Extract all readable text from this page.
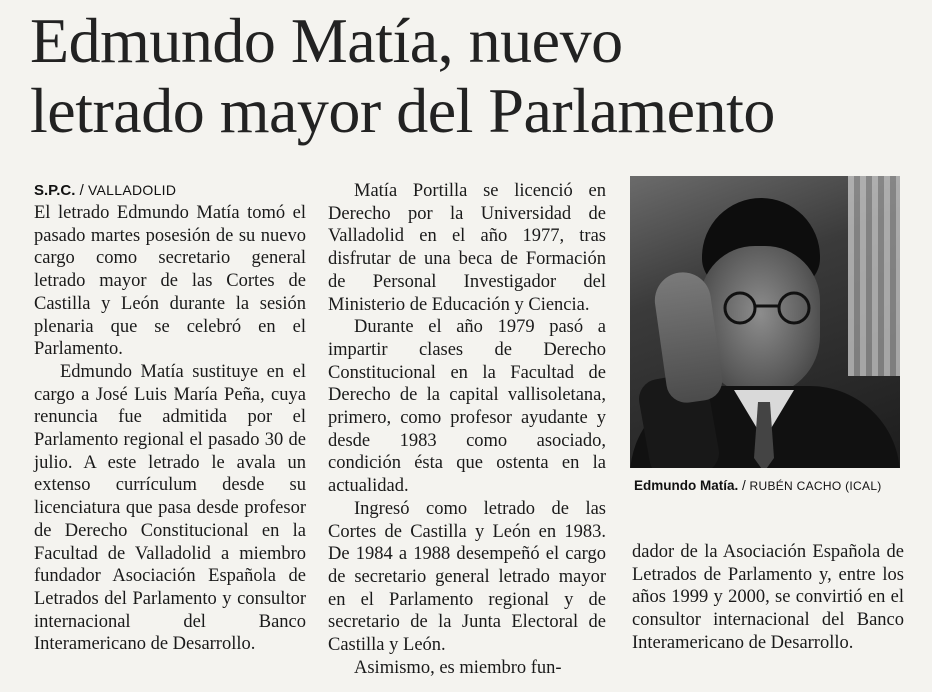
Edmundo Matía, nuevo
letrado mayor del Parlamento
S.P.C. / VALLADOLID

El letrado Edmundo Matía tomó el pasado martes posesión de su nuevo cargo como secretario general letrado mayor de las Cortes de Castilla y León durante la sesión plenaria que se celebró en el Parlamento.

Edmundo Matía sustituye en el cargo a José Luis María Peña, cuya renuncia fue admitida por el Parlamento regional el pasado 30 de julio. A este letrado le avala un extenso currículum desde su licenciatura que pasa desde profesor de Derecho Constitucional en la Facultad de Valladolid a miembro fundador Asociación Española de Letrados del Parlamento y consultor internacional del Banco Interamericano de Desarrollo.

Matía Portilla se licenció en Derecho por la Universidad de Valladolid en el año 1977, tras disfrutar de una beca de Formación de Personal Investigador del Ministerio de Educación y Ciencia.

Durante el año 1979 pasó a impartir clases de Derecho Constitucional en la Facultad de Derecho de la capital vallisoletana, primero, como profesor ayudante y desde 1983 como asociado, condición ésta que ostenta en la actualidad.

Ingresó como letrado de las Cortes de Castilla y León en 1983. De 1984 a 1988 desempeñó el cargo de secretario general letrado mayor en el Parlamento regional y de secretario de la Junta Electoral de Castilla y León.

Asimismo, es miembro fun-

Edmundo Matía. / RUBÉN CACHO (ICAL)

dador de la Asociación Española de Letrados de Parlamento y, entre los años 1999 y 2000, se convirtió en el consultor internacional del Banco Interamericano de Desarrollo.
